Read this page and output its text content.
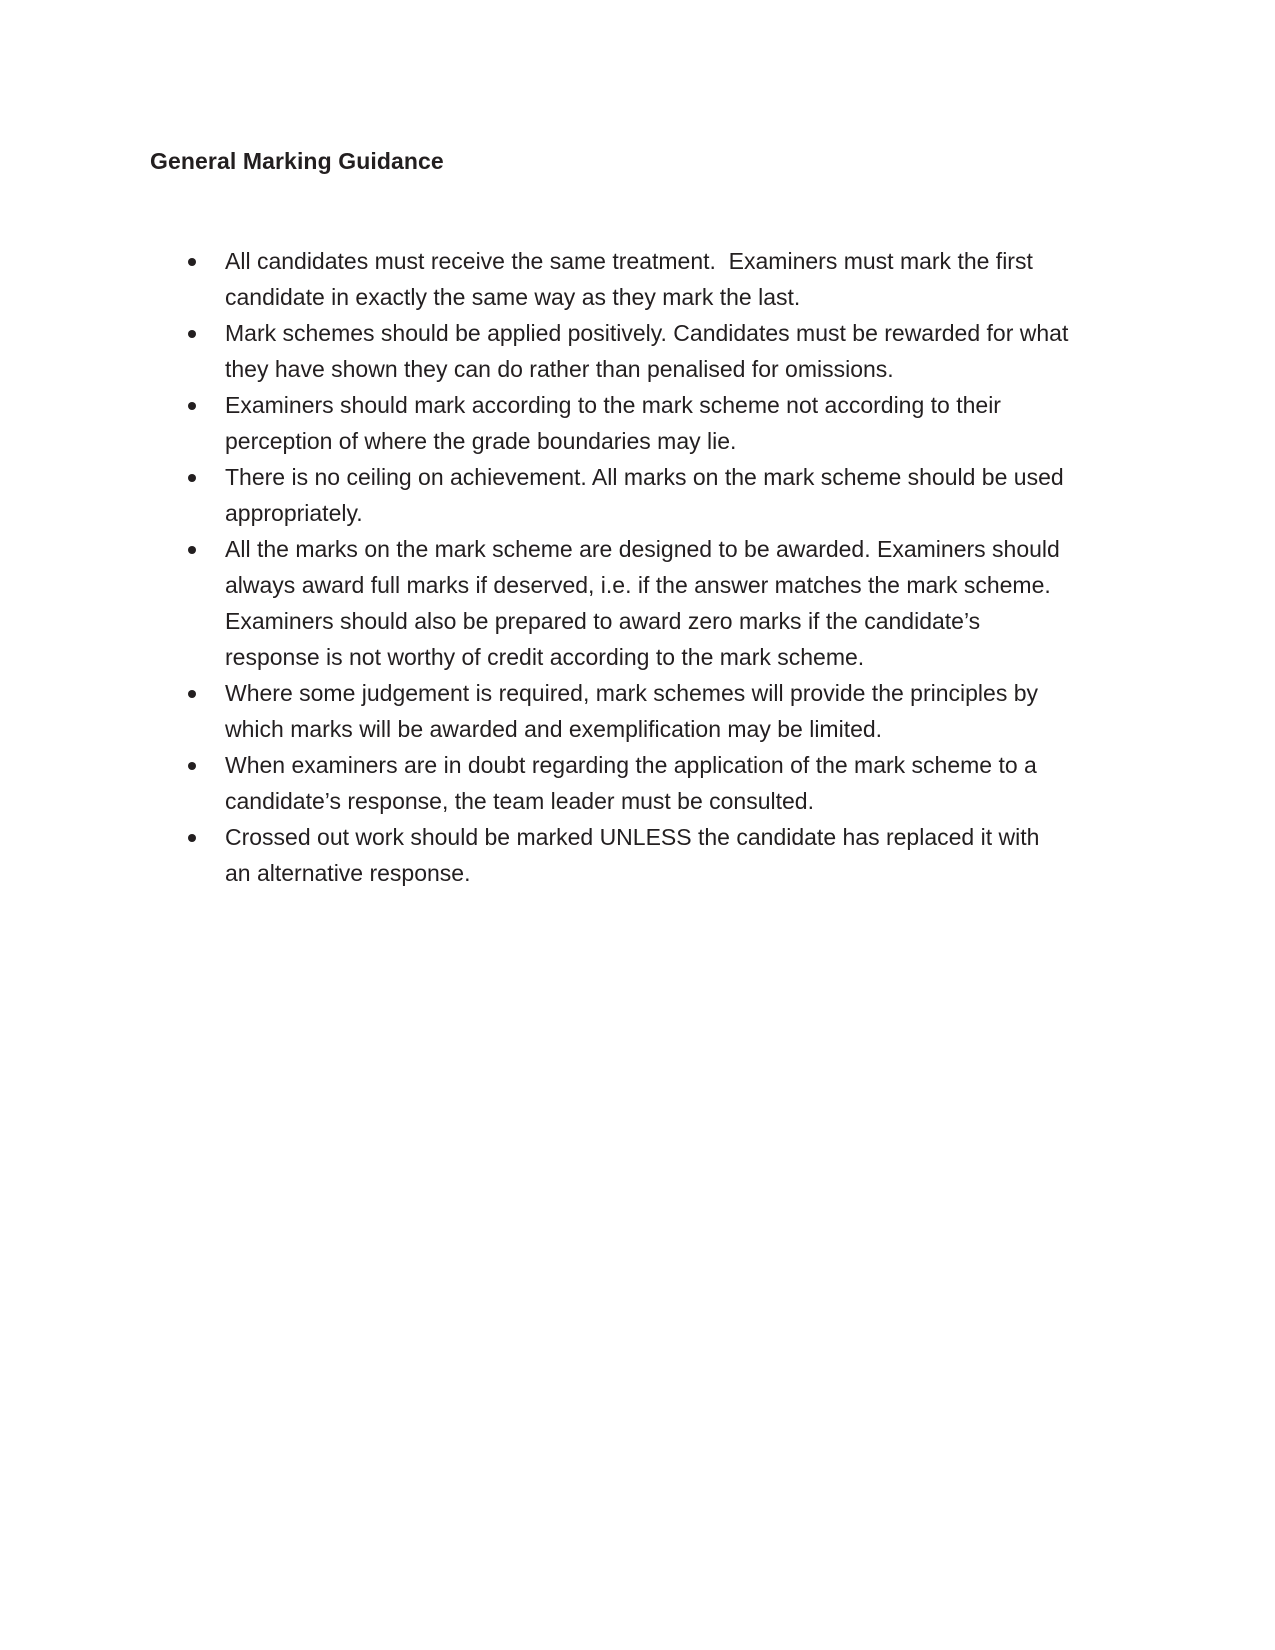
General Marking Guidance
All candidates must receive the same treatment.  Examiners must mark the first candidate in exactly the same way as they mark the last.
Mark schemes should be applied positively. Candidates must be rewarded for what they have shown they can do rather than penalised for omissions.
Examiners should mark according to the mark scheme not according to their perception of where the grade boundaries may lie.
There is no ceiling on achievement. All marks on the mark scheme should be used appropriately.
All the marks on the mark scheme are designed to be awarded. Examiners should always award full marks if deserved, i.e. if the answer matches the mark scheme.  Examiners should also be prepared to award zero marks if the candidate’s response is not worthy of credit according to the mark scheme.
Where some judgement is required, mark schemes will provide the principles by which marks will be awarded and exemplification may be limited.
When examiners are in doubt regarding the application of the mark scheme to a candidate’s response, the team leader must be consulted.
Crossed out work should be marked UNLESS the candidate has replaced it with an alternative response.
